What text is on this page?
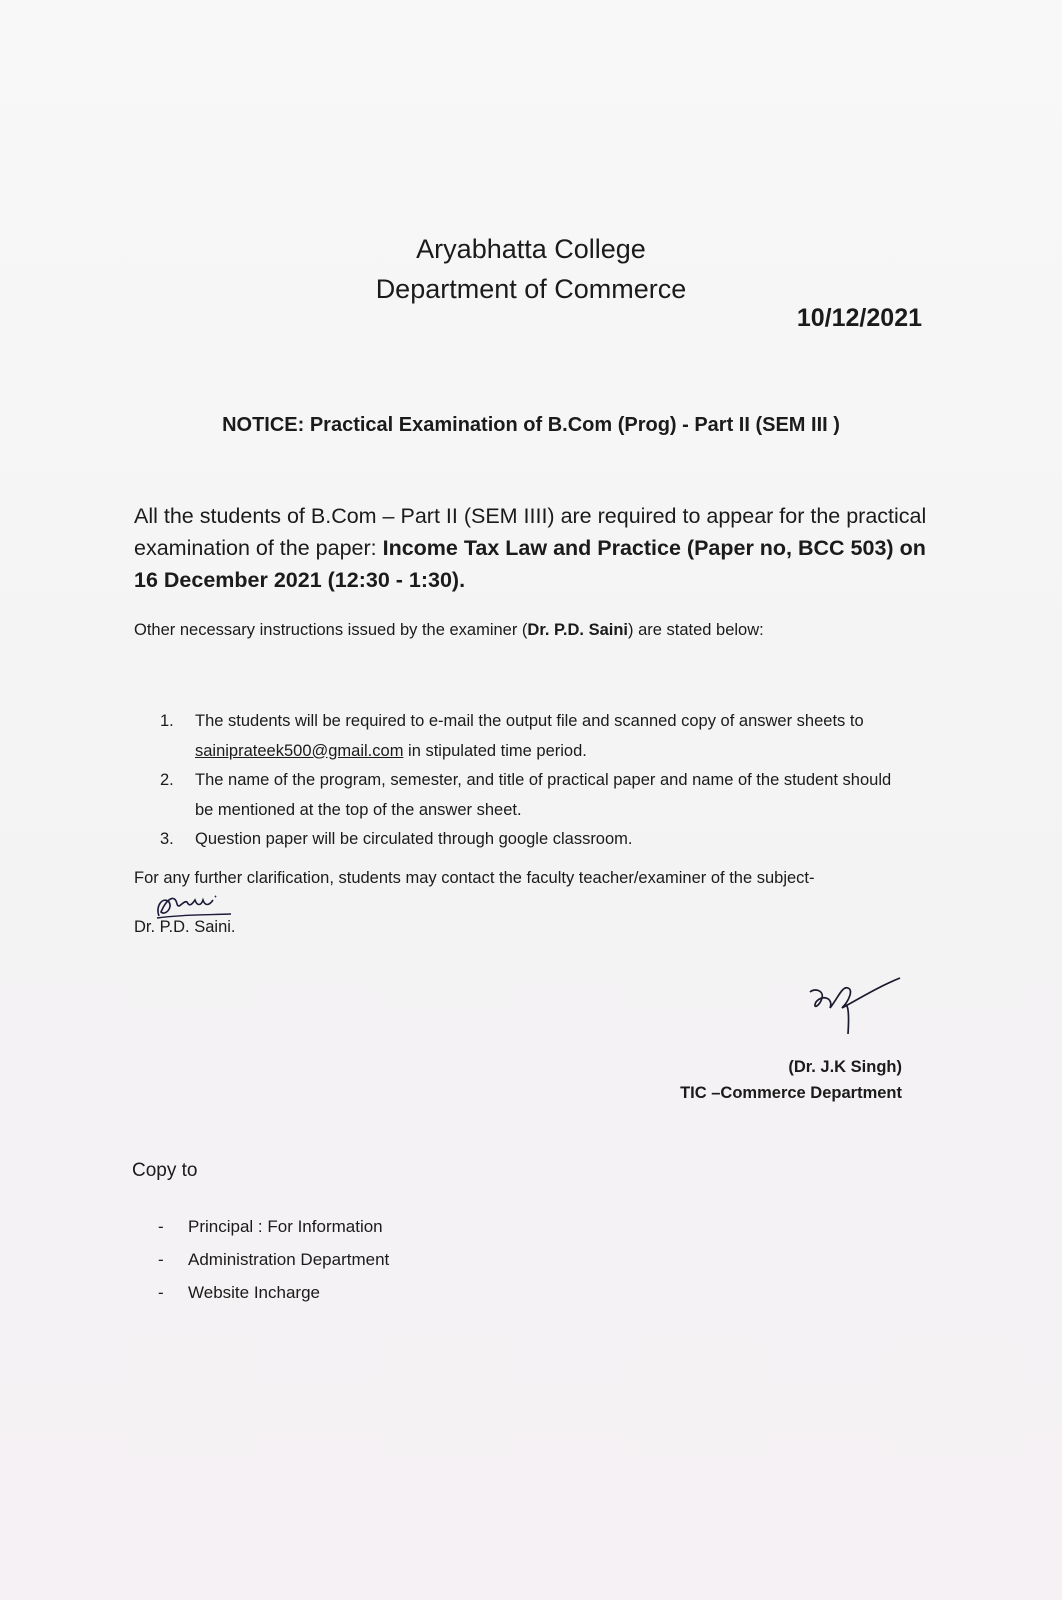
Aryabhatta College
Department of Commerce
10/12/2021
NOTICE: Practical Examination of B.Com (Prog) - Part II (SEM III )
All the students of B.Com – Part II (SEM IIII) are required to appear for the practical examination of the paper: Income Tax Law and Practice (Paper no, BCC 503) on 16 December 2021 (12:30 - 1:30).
Other necessary instructions issued by the examiner (Dr. P.D. Saini) are stated below:
1. The students will be required to e-mail the output file and scanned copy of answer sheets to sainiprateek500@gmail.com in stipulated time period.
2. The name of the program, semester, and title of practical paper and name of the student should be mentioned at the top of the answer sheet.
3. Question paper will be circulated through google classroom.
For any further clarification, students may contact the faculty teacher/examiner of the subject-
Dr. P.D. Saini.
(Dr. J.K Singh)
TIC –Commerce Department
Copy to
- Principal : For Information
- Administration Department
- Website Incharge
